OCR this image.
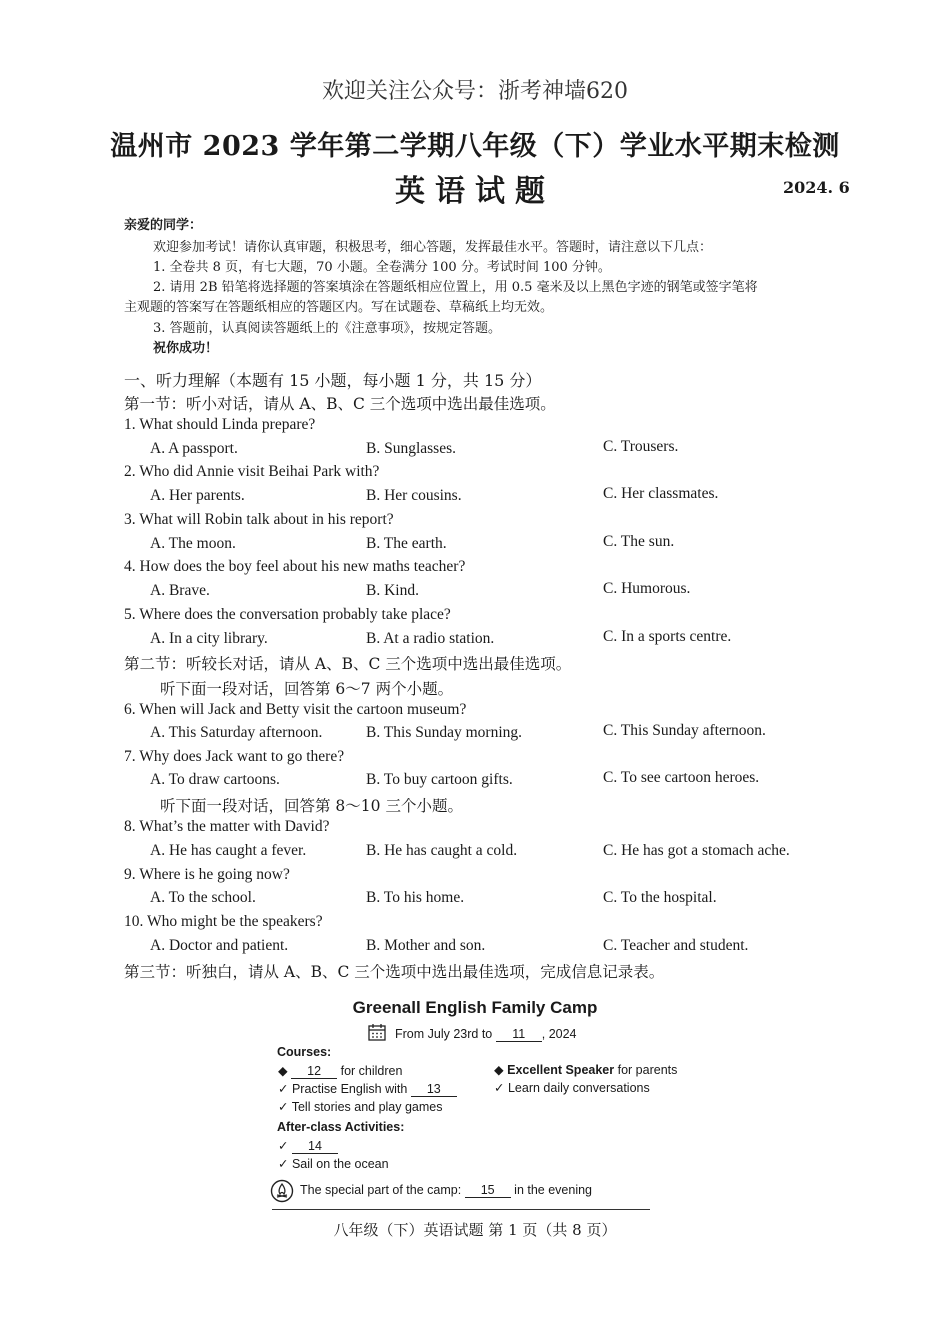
欢迎关注公众号：浙考神墙620
温州市 2023 学年第二学期八年级（下）学业水平期末检测
英语试题	2024. 6
亲爱的同学：
欢迎参加考试！请你认真审题，积极思考，细心答题，发挥最佳水平。答题时，请注意以下几点：
1. 全卷共 8 页，有七大题，70 小题。全卷满分 100 分。考试时间 100 分钟。
2. 请用 2B 铅笔将选择题的答案填涂在答题纸相应位置上，用 0.5 毫米及以上黑色字迹的钢笔或签字笔将
主观题的答案写在答题纸相应的答题区内。写在试题卷、草稿纸上均无效。
3. 答题前，认真阅读答题纸上的《注意事项》，按规定答题。
祝你成功！
一、听力理解（本题有 15 小题，每小题 1 分，共 15 分）
第一节：听小对话，请从 A、B、C 三个选项中选出最佳选项。
1. What should Linda prepare?
A. A passport.	B. Sunglasses.	C. Trousers.
2. Who did Annie visit Beihai Park with?
A. Her parents.	B. Her cousins.	C. Her classmates.
3. What will Robin talk about in his report?
A. The moon.	B. The earth.	C. The sun.
4. How does the boy feel about his new maths teacher?
A. Brave.	B. Kind.	C. Humorous.
5. Where does the conversation probably take place?
A. In a city library.	B. At a radio station.	C. In a sports centre.
第二节：听较长对话，请从 A、B、C 三个选项中选出最佳选项。
听下面一段对话，回答第 6～7 两个小题。
6. When will Jack and Betty visit the cartoon museum?
A. This Saturday afternoon.	B. This Sunday morning.	C. This Sunday afternoon.
7. Why does Jack want to go there?
A. To draw cartoons.	B. To buy cartoon gifts.	C. To see cartoon heroes.
听下面一段对话，回答第 8～10 三个小题。
8. What’s the matter with David?
A. He has caught a fever.	B. He has caught a cold.	C. He has got a stomach ache.
9. Where is he going now?
A. To the school.	B. To his home.	C. To the hospital.
10. Who might be the speakers?
A. Doctor and patient.	B. Mother and son.	C. Teacher and student.
第三节：听独白，请从 A、B、C 三个选项中选出最佳选项，完成信息记录表。
Greenall English Family Camp
From July 23rd to 11 , 2024
Courses:
◆ 12 for children
✓ Practise English with 13
✓ Tell stories and play games
◆ Excellent Speaker for parents
✓ Learn daily conversations
After-class Activities:
✓ 14
✓ Sail on the ocean
The special part of the camp: 15 in the evening
八年级（下）英语试题 第 1 页（共 8 页）
